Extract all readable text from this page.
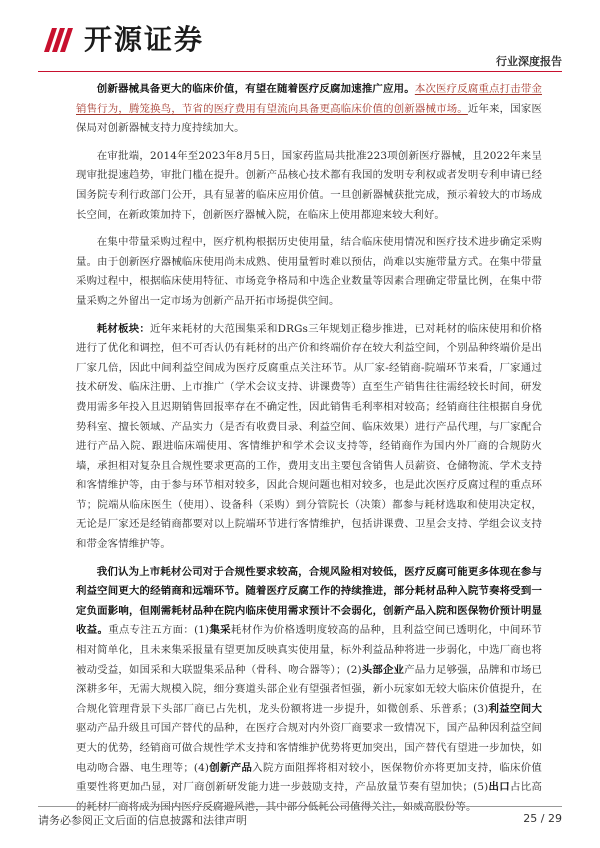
开源证券
行业深度报告

创新器械具备更大的临床价值，有望在随着医疗反腐加速推广应用。本次医疗反腐重点打击带金销售行为，腾笼换鸟，节省的医疗费用有望流向具备更高临床价值的创新器械市场。近年来，国家医保局对创新器械支持力度持续加大。

在审批端，2014年至2023年8月5日，国家药监局共批准223项创新医疗器械，且2022年来呈现审批提速趋势，审批门槛在提升。创新产品核心技术都有我国的发明专利权或者发明专利申请已经国务院专利行政部门公开，具有显著的临床应用价值。一旦创新器械获批完成，预示着较大的市场成长空间，在新政策加持下，创新医疗器械入院，在临床上使用都迎来较大利好。

在集中带量采购过程中，医疗机构根据历史使用量，结合临床使用情况和医疗技术进步确定采购量。由于创新医疗器械临床使用尚未成熟、使用量暂时难以预估，尚难以实施带量方式。在集中带量采购过程中，根据临床使用特征、市场竞争格局和中选企业数量等因素合理确定带量比例，在集中带量采购之外留出一定市场为创新产品开拓市场提供空间。

耗材板块：近年来耗材的大范围集采和DRGs三年规划正稳步推进，已对耗材的临床使用和价格进行了优化和调控，但不可否认仍有耗材的出产价和终端价存在较大利益空间，个别品种终端价是出厂家几倍，因此中间利益空间成为医疗反腐重点关注环节。从厂家-经销商-院端环节来看，厂家通过技术研发、临床注册、上市推广（学术会议支持、讲课费等）直至生产销售往往需经较长时间，研发费用需多年投入且迟期销售回报率存在不确定性，因此销售毛利率相对较高；经销商往往根据自身优势科室、擅长领域、产品实力（是否有收费目录、利益空间、临床效果）进行产品代理，与厂家配合进行产品入院、跟进临床端使用、客情维护和学术会议支持等，经销商作为国内外厂商的合规防火墙，承担相对复杂且合规性要求更高的工作，费用支出主要包含销售人员薪资、仓储物流、学术支持和客情维护等，由于参与环节相对较多，因此合规问题也相对较多，也是此次医疗反腐过程的重点环节；院端从临床医生（使用）、设备科（采购）到分管院长（决策）都参与耗材选取和使用决定权，无论是厂家还是经销商都要对以上院端环节进行客情维护，包括讲课费、卫星会支持、学组会议支持和带金客情维护等。

我们认为上市耗材公司对于合规性要求较高，合规风险相对较低，医疗反腐可能更多体现在参与利益空间更大的经销商和远端环节。随着医疗反腐工作的持续推进，部分耗材品种入院节奏将受到一定负面影响，但刚需耗材品种在院内临床使用需求预计不会弱化，创新产品入院和医保物价预计明显收益。重点专注五方面：(1)集采耗材作为价格透明度较高的品种，且利益空间已透明化，中间环节相对简单化，且未来集采报量有望更加反映真实使用量，标外利益品种将进一步弱化，中选厂商也将被动受益，如国采和大联盟集采品种（骨科、吻合器等）；(2)头部企业产品力足够强，品牌和市场已深耕多年，无需大规模入院，细分赛道头部企业有望强者恒强，新小玩家如无较大临床价值提升，在合规化管理背景下头部厂商已占先机，龙头份额将进一步提升，如微创系、乐普系；(3)利益空间大驱动产品升级且可国产替代的品种，在医疗合规对内外资厂商要求一致情况下，国产品种因利益空间更大的优势，经销商可做合规性学术支持和客情维护优势将更加突出，国产替代有望进一步加快，如电动吻合器、电生理等；(4)创新产品入院方面阻挥将相对较小，医保物价亦将更加支持，临床价值重要性将更加凸显，对厂商创新研发能力进一步鼓励支持，产品放量节奏有望加快；(5)出口占比高的耗材厂商将成为国内医疗反腐避风港，其中部分低耗公司值得关注，如威高股份等。

请务必参阅正文后面的信息披露和法律声明	25 / 29
